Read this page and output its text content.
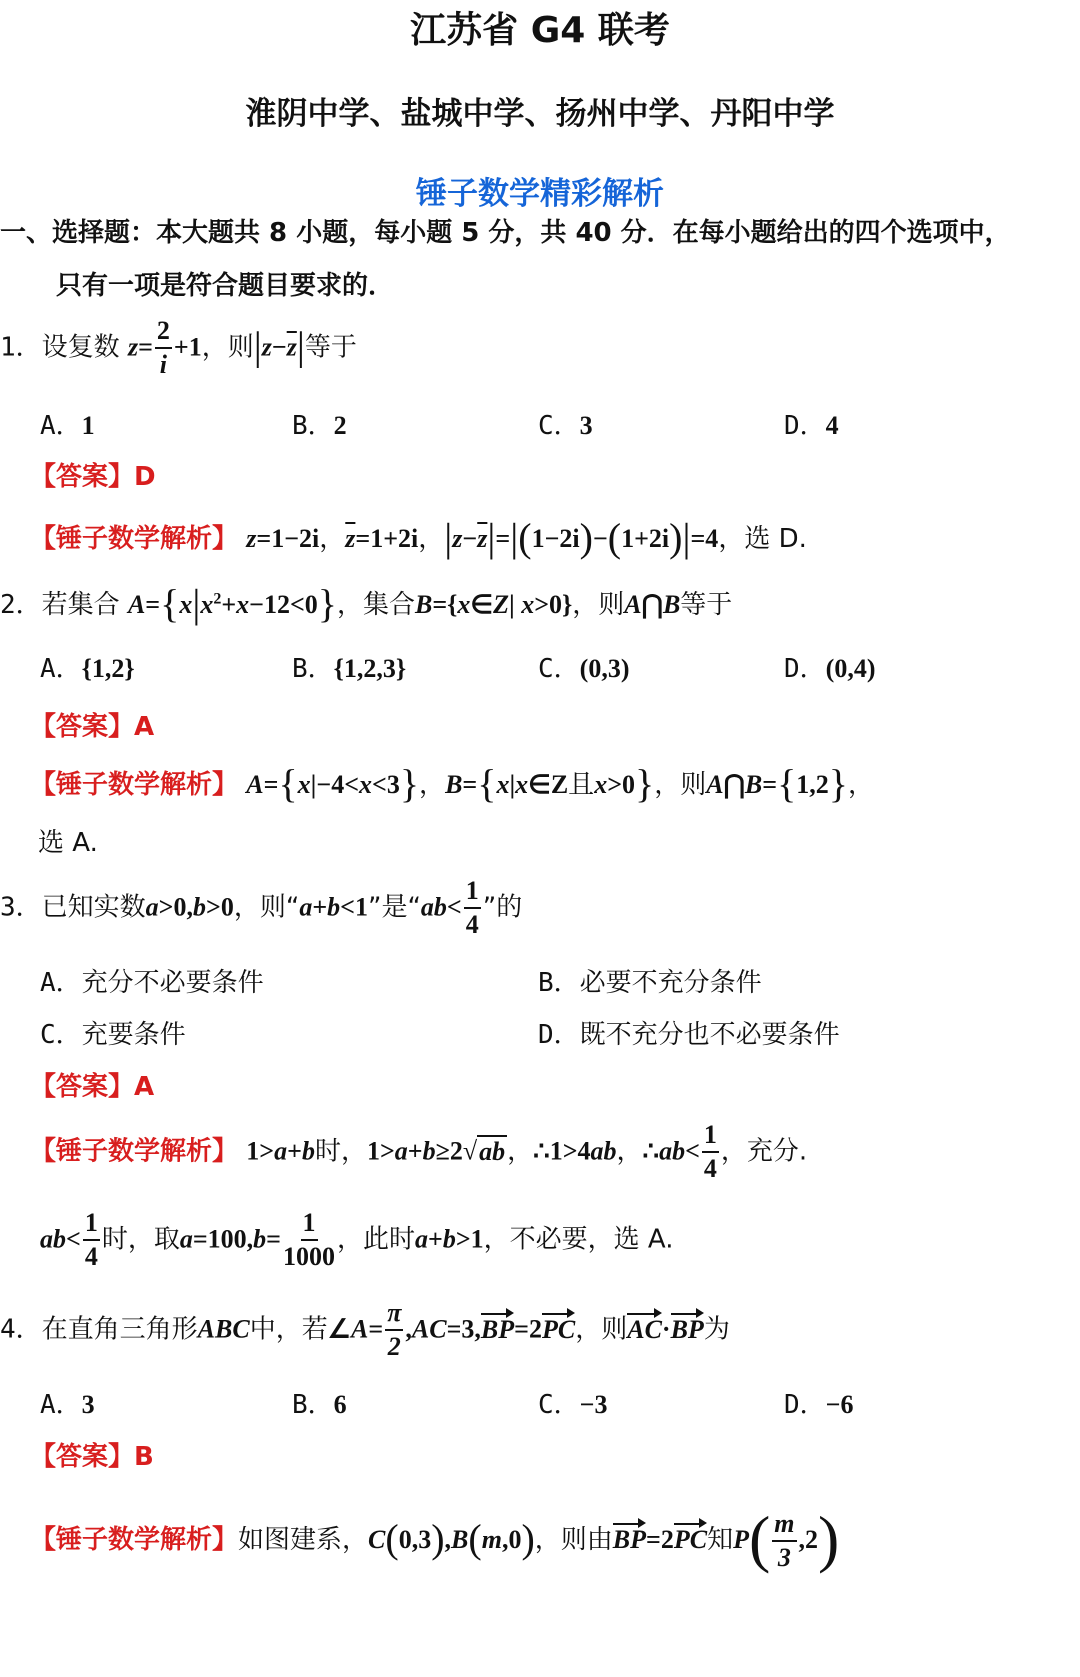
江苏省 G4 联考
淮阴中学、盐城中学、扬州中学、丹阳中学
锤子数学精彩解析
一、选择题：本大题共 8 小题，每小题 5 分，共 40 分．在每小题给出的四个选项中，
只有一项是符合题目要求的．
1．设复数 $z= \frac{2}{i} +1$，则$|z-\overline{z}|$等于
A．1	B．2	C．3	D．4
【答案】D
【锤子数学解析】 z=1−2i，$\overline{z}=1+2i$，$|z-\overline{z}|=|(1-2i)-(1+2i)|=4$，选 D.
2．若集合 $A=\{x|x^2+x-12<0\}$，集合B={x∈Z| x>0}，则A⋂B等于
A．{1,2}	B．{1,2,3}	C．(0,3)	D．(0,4)
【答案】A
【锤子数学解析】 A={x|−4<x<3}，B={x|x∈Z且x>0}，则A⋂B={1,2}，
选 A.
3．已知实数a>0,b>0，则“a+b<1”是“$ab< \frac{1}{4}$ ”的
A．充分不必要条件	B．必要不充分条件
C．充要条件	D．既不充分也不必要条件
【答案】A
【锤子数学解析】 1>a+b时，1>a+b≥2√ab，∴1>4ab，∴ab< $\frac{1}{4}$ ，充分.
$ab< \frac{1}{4}$ 时，取$a=100,b= \frac{1}{1000}$ ，此时a+b>1，不必要，选 A.
4．在直角三角形ABC中，若∠A= $\frac{\pi}{2} ,AC=3,BP=2PC$，则AC·BP为
A．3	B．6	C．−3	D．−6
【答案】B
【锤子数学解析】如图建系，C(0,3),B(m,0)，则由BP=2PC知$P( \frac{m}{3} ,2)$
